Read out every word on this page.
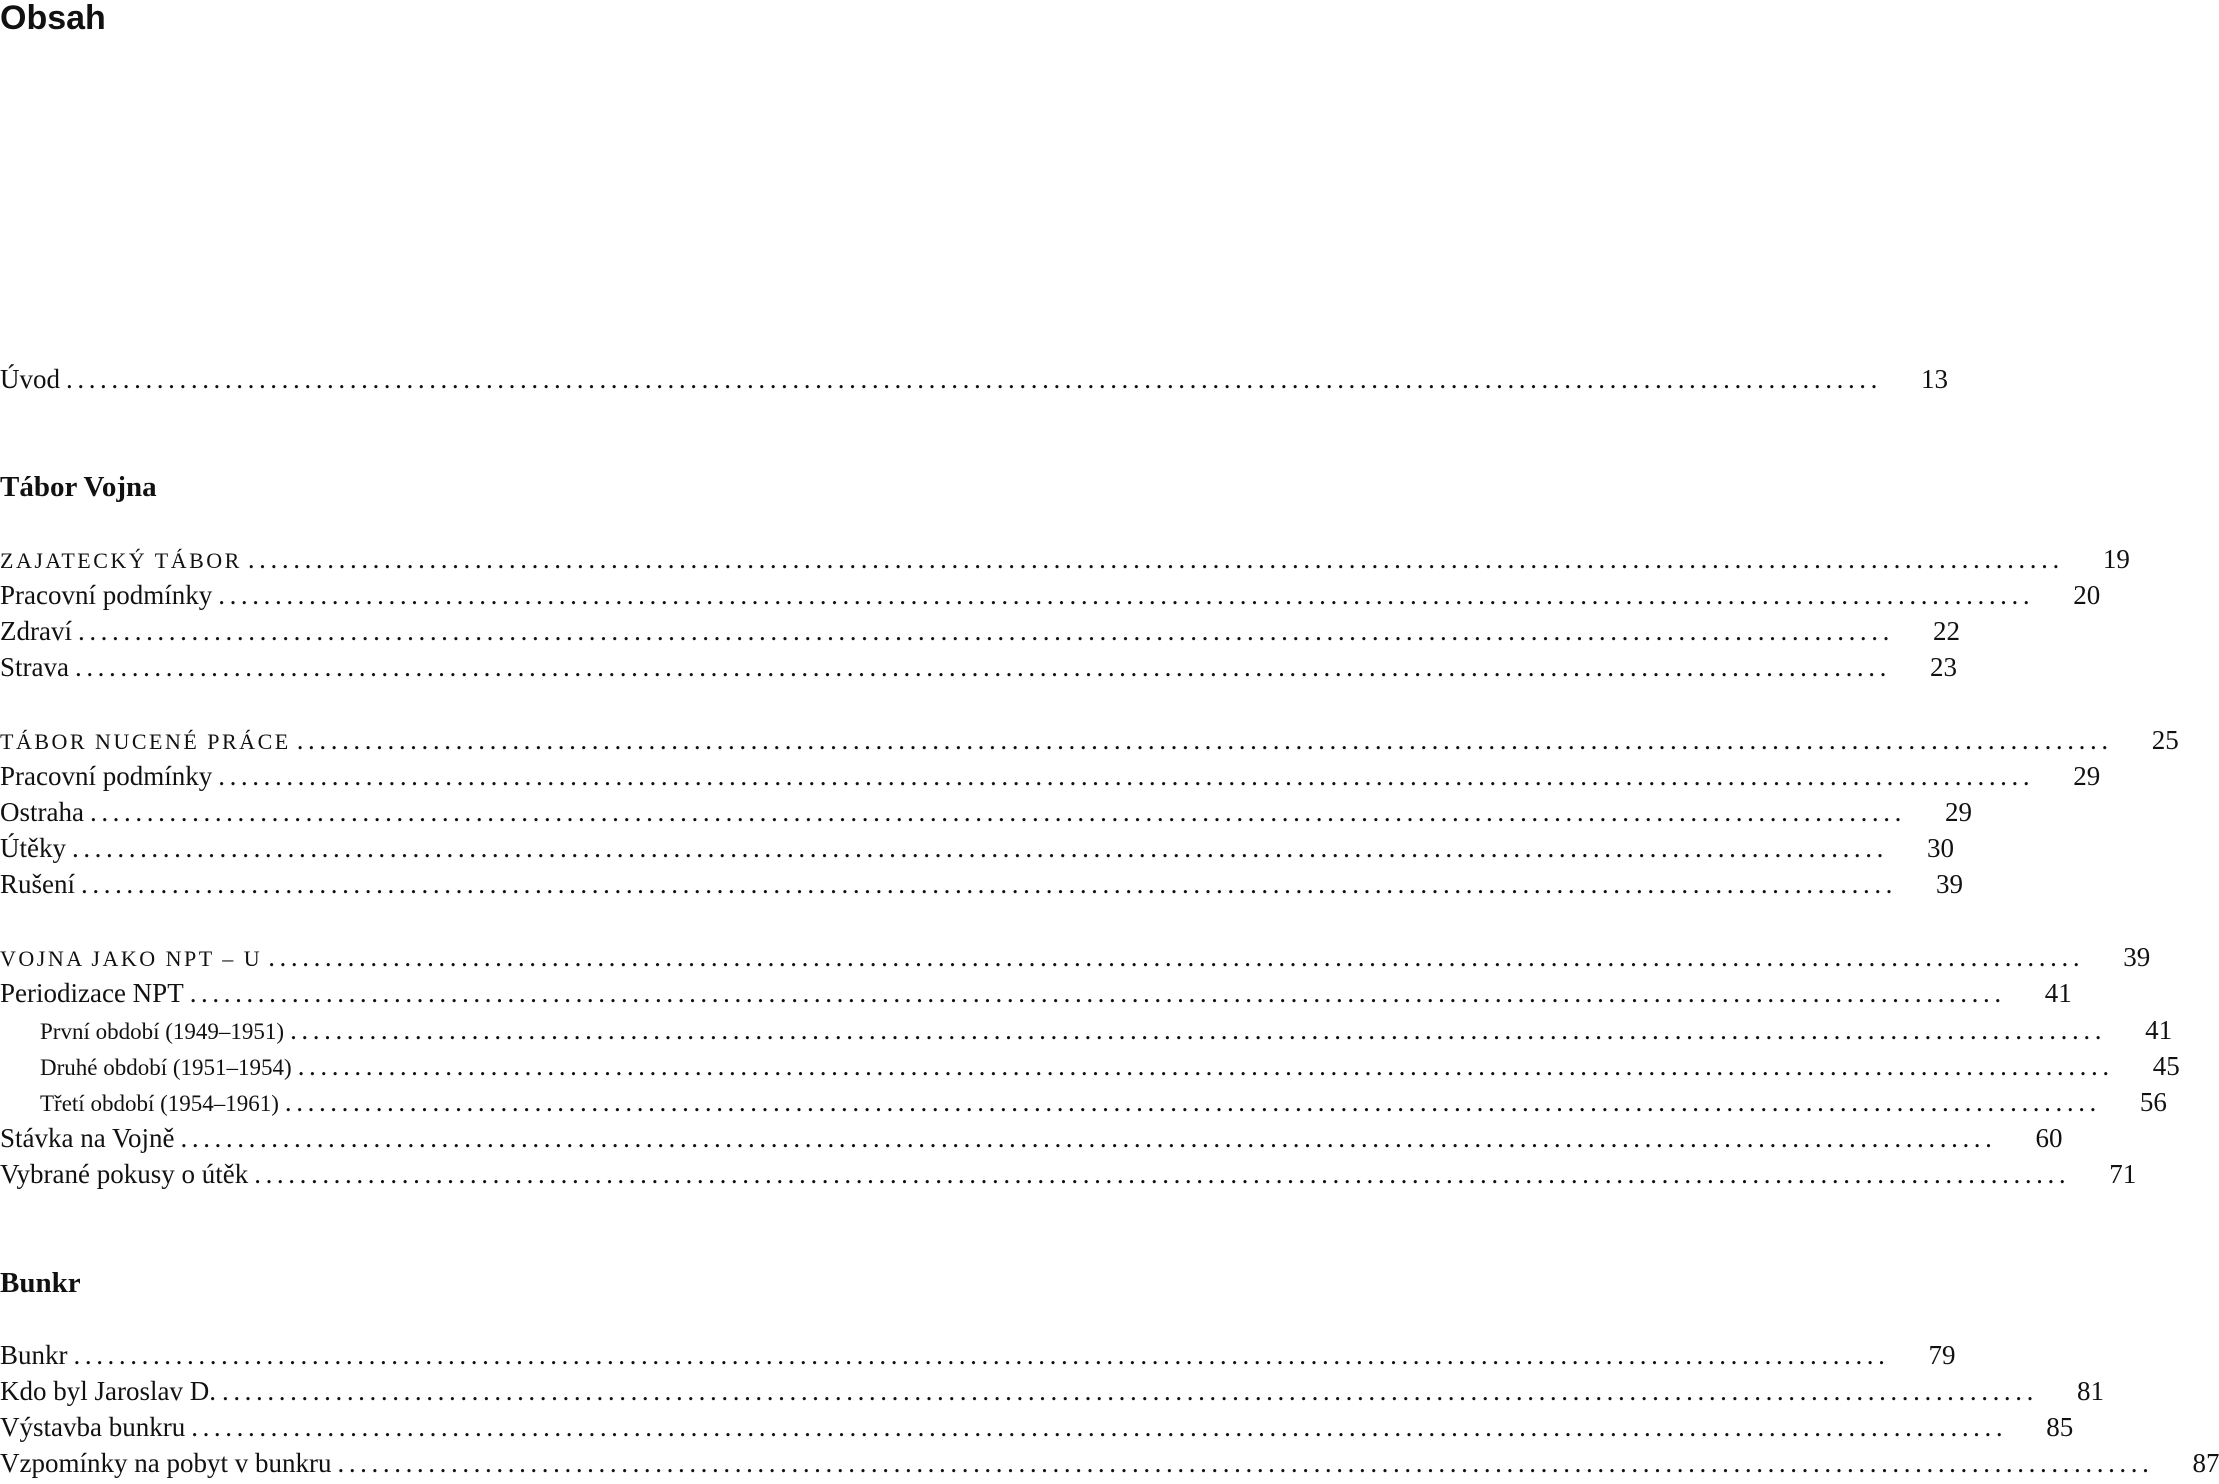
Obsah
Úvod ................................................................................................................................................................	13
Tábor Vojna
ZAJATECKÝ TÁBOR ................................................................................................................................................................	19
Pracovní podmínky ................................................................................................................................................................	20
Zdraví ................................................................................................................................................................	22
Strava ................................................................................................................................................................	23
TÁBOR NUCENÉ PRÁCE ................................................................................................................................................................	25
Pracovní podmínky ................................................................................................................................................................	29
Ostraha ................................................................................................................................................................	29
Útěky ................................................................................................................................................................	30
Rušení ................................................................................................................................................................	39
VOJNA JAKO NPT – U ................................................................................................................................................................	39
Periodizace NPT ................................................................................................................................................................	41
První období (1949–1951) ................................................................................................................................................................	41
Druhé období (1951–1954) ................................................................................................................................................................	45
Třetí období (1954–1961) ................................................................................................................................................................	56
Stávka na Vojně ................................................................................................................................................................	60
Vybrané pokusy o útěk ................................................................................................................................................................	71
Bunkr
Bunkr ................................................................................................................................................................	79
Kdo byl Jaroslav D. ................................................................................................................................................................	81
Výstavba bunkru ................................................................................................................................................................	85
Vzpomínky na pobyt v bunkru ................................................................................................................................................................	87
